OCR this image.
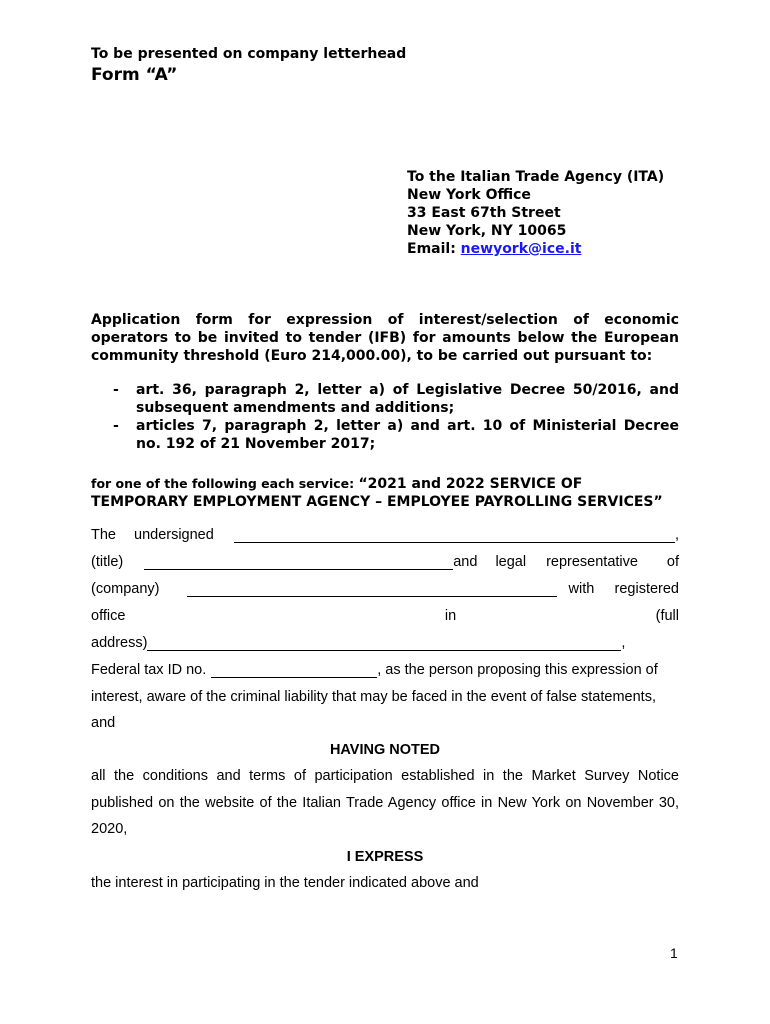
To be presented on company letterhead
Form “A”
To the Italian Trade Agency (ITA)
New York Office
33 East 67th Street
New York, NY 10065
Email: newyork@ice.it
Application form for expression of interest/selection of economic operators to be invited to tender (IFB) for amounts below the European community threshold (Euro 214,000.00), to be carried out pursuant to:
-	art. 36, paragraph 2, letter a) of Legislative Decree 50/2016, and subsequent amendments and additions;
-	articles 7, paragraph 2, letter a) and art. 10 of Ministerial Decree no. 192 of 21 November 2017;
for one of the following each service: “2021 and 2022 SERVICE OF TEMPORARY EMPLOYMENT AGENCY – EMPLOYEE PAYROLLING SERVICES”
The undersigned	,
(title)	and legal representative of
(company)	with registered
office	in	(full
address)	,
Federal tax ID no.	, as the person proposing this expression of
interest, aware of the criminal liability that may be faced in the event of false statements,
and
HAVING NOTED
all the conditions and terms of participation established in the Market Survey Notice published on the website of the Italian Trade Agency office in New York on November 30, 2020,
I EXPRESS
the interest in participating in the tender indicated above and
1
